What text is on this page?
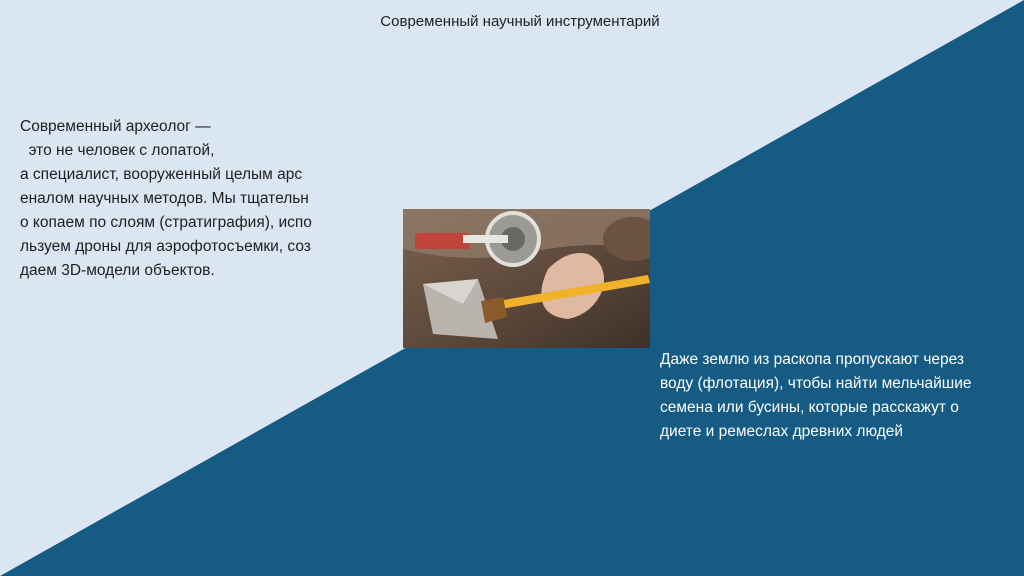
Современный научный инструментарий
Современный археолог —
это не человек с лопатой,
а специалист, вооруженный целым арс
еналом научных методов. Мы тщательн
о копаем по слоям (стратиграфия), испо
льзуем дроны для аэрофотосъемки, соз
даем 3D-модели объектов.
Даже землю из раскопа пропускают через
воду (флотация), чтобы найти мельчайшие
семена или бусины, которые расскажут о
диете и ремеслах древних людей
